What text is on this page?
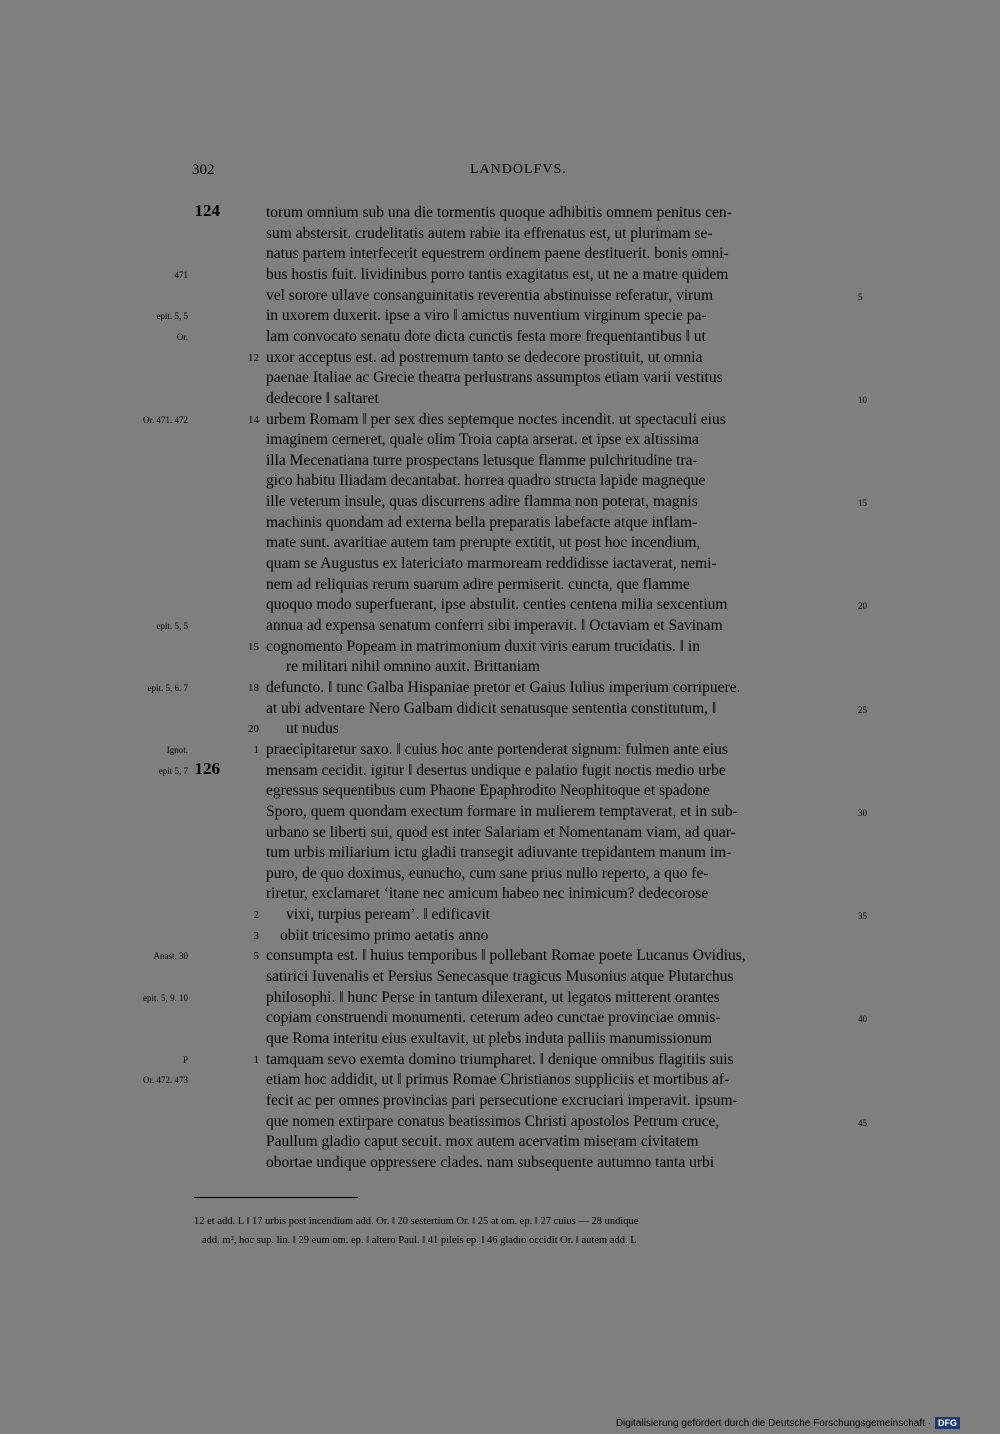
302	LANDOLFVS.
torum omnium sub una die tormentis quoque adhibitis omnem penitus cen-
sum abstersit. crudelitatis autem rabie ita effrenatus est, ut plurimam se-
natus partem interfecerit equestrem ordinem paene destituerit. bonis omni-
bus hostis fuit. lividinibus porro tantis exagitatus est, ut ne a matre quidem
vel sorore ullave consanguinitatis reverentia abstinuisse referatur, virum
in uxorem duxerit. ipse a viro ‖ amictus nuventium virginum specie pa-
lam convocato senatu dote dicta cunctis festa more frequentantibus ‖ ut
uxor acceptus est. ad postremum tanto se dedecore prostituit, ut omnia
paenae Italiae ac Grecie theatra perlustrans assumptos etiam varii vestitus
dedecore ‖ saltaret
urbem Romam ‖ per sex dies septemque noctes incendit. ut spectaculi eius
imaginem cerneret, quale olim Troia capta arserat. et ipse ex altissima
illa Mecenatiana turre prospectans letusque flamme pulchritudine tra-
gico habitu Iliadam decantabat. horrea quadro structa lapide magneque
ille veterum insule, quas discurrens adire flamma non poterat, magnis
machinis quondam ad externa bella preparatis labefacte atque inflam-
mate sunt. avaritiae autem tam prerupte extitit, ut post hoc incendium,
quam se Augustus ex latericiato marmoream reddidisse iactaverat, nemi-
nem ad reliquias rerum suarum adire permiserit. cuncta, que flamme
quoquo modo superfuerant, ipse abstulit. centies centena milia sexcentium
annua ad expensa senatum conferri sibi imperavit. ‖ Octaviam et Savinam
cognomento Popeam in matrimonium duxit viris earum trucidatis. ‖ in
re militari nihil omnino auxit. Brittaniam
defuncto. ‖ tunc Galba Hispaniae pretor et Gaius Iulius imperium corripuere.
at ubi adventare Nero Galbam didicit senatusque sententia constitutum, ‖
ut nudus
praecipitaretur saxo. ‖ cuius hoc ante portenderat signum: fulmen ante eius
mensam cecidit. igitur ‖ desertus undique e palatio fugit noctis medio urbe
egressus sequentibus cum Phaone Epaphrodito Neophitoque et spadone
Sporo, quem quondam exectum formare in mulierem temptaverat, et in sub-
urbano se liberti sui, quod est inter Salariam et Nomentanam viam, ad quar-
tum urbis miliarium ictu gladii transegit adiuvante trepidantem manum im-
puro, de quo doximus, eunucho, cum sane prius nullo reperto, a quo fe-
riretur, exclamaret ‘itane nec amicum habeo nec inimicum? dedecorose
vixi, turpius peream’. ‖ edificavit
obiit tricesimo primo aetatis anno
consumpta est. ‖ huius temporibus ‖ pollebant Romae poete Lucanus Ovidius,
satirici Iuvenalis et Persius Senecasque tragicus Musonius atque Plutarchus
philosophi. ‖ hunc Perse in tantum dilexerant, ut legatos mitterent orantes
copiam construendi monumenti. ceterum adeo cunctae provinciae omnis-
que Roma interitu eius exultavit, ut plebs induta palliis manumissionum
tamquam sevo exemta domino triumpharet. ‖ denique omnibus flagitiis suis
etiam hoc addidit, ut ‖ primus Romae Christianos suppliciis et mortibus af-
fecit ac per omnes provincias pari persecutione excruciari imperavit. ipsum-
que nomen extirpare conatus beatissimos Christi apostolos Petrum cruce,
Paullum gladio caput secuit. mox autem acervatim miseram civitatem
obortae undique oppressere clades. nam subsequente autumno tanta urbi
124
126
471
epit. 5, 5
Or.
Or. 471. 472
epit. 5, 5
epit. 5, 6. 7
Ignot.
epit 5, 7
Anast. 30
epit. 5, 9. 10
P
Or. 472. 473
12
14
15
18
20
1
2
3
5
1
5
10
15
20
25
30
35
40
45
12 et add. L ‖ 17 urbis post incendium add. Or. ‖ 20 sestertium Or. ‖ 25 at om. ep. ‖ 27 cuius — 28 undique
add. m², hoc sup. lin. ‖ 29 eum om. ep. ‖ altero Paul. ‖ 41 pileis ep. ‖ 46 gladio occidit Or. ‖ autem add. L
Digitalisierung gefördert durch die Deutsche Forschungsgemeinschaft · DFG
